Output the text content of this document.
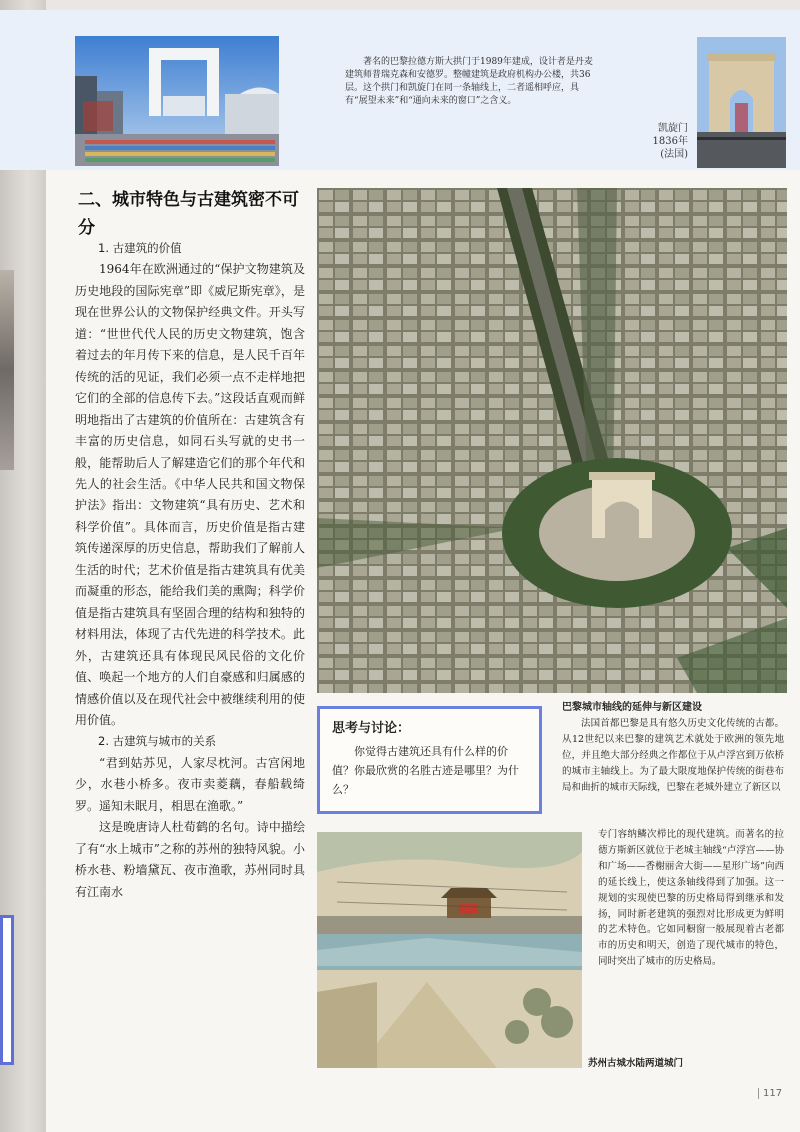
著名的巴黎拉德方斯大拱门于1989年建成，设计者是丹麦建筑师普瑞克森和安德罗。整幢建筑是政府机构办公楼，共36层。这个拱门和凯旋门在同一条轴线上，二者遥相呼应，具有“展望未来”和“通向未来的窗口”之含义。
凯旋门
1836年
(法国)
二、城市特色与古建筑密不可分

1. 古建筑的价值

1964年在欧洲通过的“保护文物建筑及历史地段的国际宪章”即《威尼斯宪章》，是现在世界公认的文物保护经典文件。开头写道：“世世代代人民的历史文物建筑，饱含着过去的年月传下来的信息，是人民千百年传统的活的见证，我们必须一点不走样地把它们的全部的信息传下去。”这段话直观而鲜明地指出了古建筑的价值所在：古建筑含有丰富的历史信息，如同石头写就的史书一般，能帮助后人了解建造它们的那个年代和先人的社会生活。《中华人民共和国文物保护法》指出：文物建筑“具有历史、艺术和科学价值”。具体而言，历史价值是指古建筑传递深厚的历史信息，帮助我们了解前人生活的时代；艺术价值是指古建筑具有优美而凝重的形态，能给我们美的熏陶；科学价值是指古建筑具有坚固合理的结构和独特的材料用法，体现了古代先进的科学技术。此外，古建筑还具有体现民风民俗的文化价值、唤起一个地方的人们自豪感和归属感的情感价值以及在现代社会中被继续利用的使用价值。

2. 古建筑与城市的关系

“君到姑苏见，人家尽枕河。古宫闲地少，水巷小桥多。夜市卖菱藕，春船载绮罗。遥知未眠月，相思在渔歌。”

这是晚唐诗人杜荀鹤的名句。诗中描绘了有“水上城市”之称的苏州的独特风貌。小桥水巷、粉墙黛瓦、夜市渔歌，苏州同时具有江南水

巴黎城市轴线的延伸与新区建设
思考与讨论：
你觉得古建筑还具有什么样的价值？你最欣赏的名胜古迹是哪里？为什么？

法国首都巴黎是具有悠久历史文化传统的古都。从12世纪以来巴黎的建筑艺术就处于欧洲的领先地位，并且绝大部分经典之作都位于从卢浮宫到万依桥的城市主轴线上。为了最大限度地保护传统的街巷布局和曲折的城市天际线，巴黎在老城外建立了新区以

专门容纳鳞次栉比的现代建筑。而著名的拉德方斯新区就位于老城主轴线“卢浮宫——协和广场——香榭丽舍大街——星形广场”向西的延长线上，使这条轴线得到了加强。这一规划的实现使巴黎的历史格局得到继承和发扬，同时新老建筑的强烈对比形成更为鲜明的艺术特色。它如同橱窗一般展现着古老都市的历史和明天，创造了现代城市的特色，同时突出了城市的历史格局。

苏州古城水陆两道城门
117
